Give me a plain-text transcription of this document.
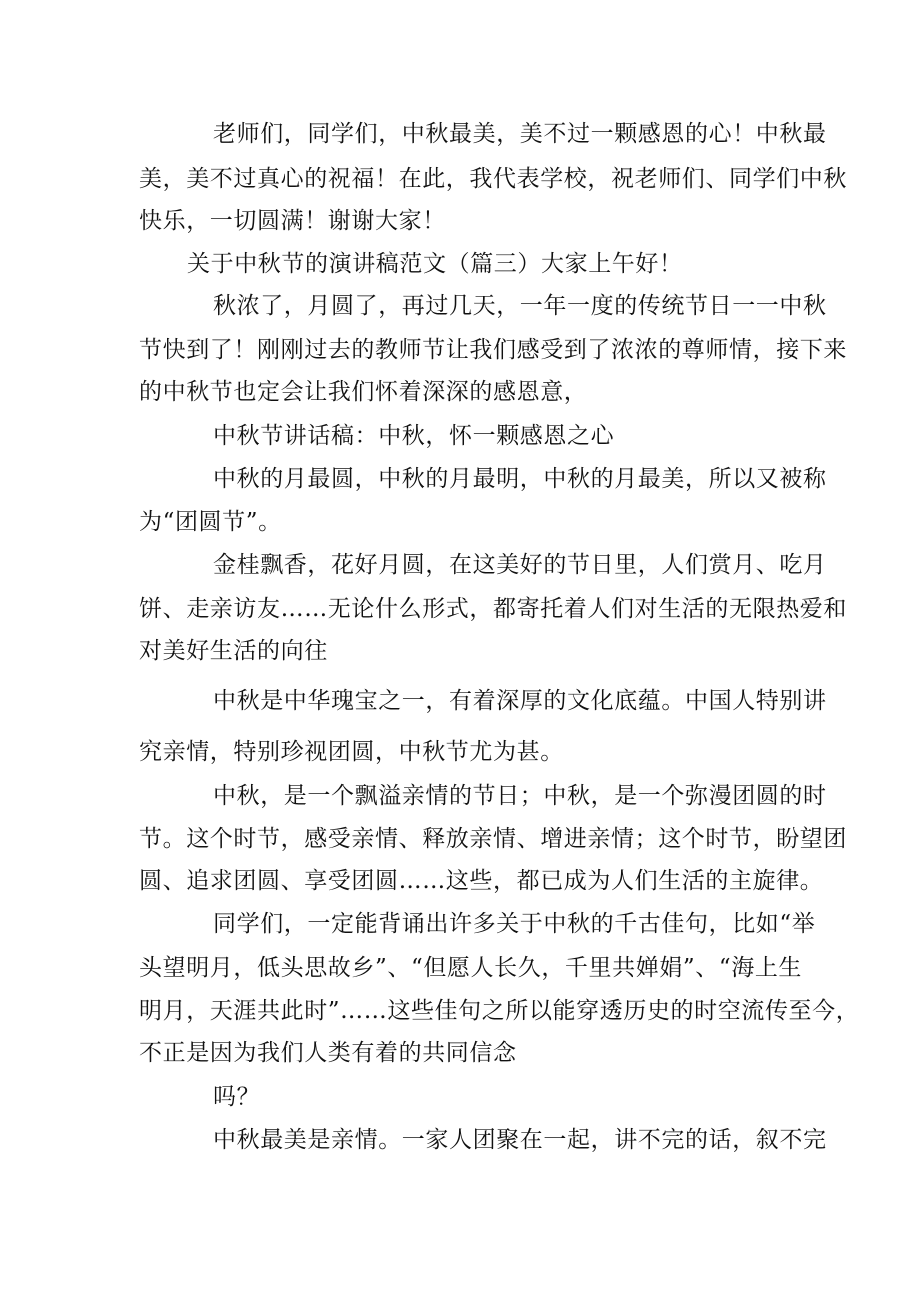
老师们，同学们，中秋最美，美不过一颗感恩的心！中秋最
美，美不过真心的祝福！在此，我代表学校，祝老师们、同学们中秋
快乐，一切圆满！谢谢大家！
关于中秋节的演讲稿范文（篇三）大家上午好！
秋浓了，月圆了，再过几天，一年一度的传统节日一一中秋
节快到了！刚刚过去的教师节让我们感受到了浓浓的尊师情，接下来
的中秋节也定会让我们怀着深深的感恩意，
中秋节讲话稿：中秋，怀一颗感恩之心
中秋的月最圆，中秋的月最明，中秋的月最美，所以又被称
为“团圆节”。
金桂飘香，花好月圆，在这美好的节日里，人们赏月、吃月
饼、走亲访友……无论什么形式，都寄托着人们对生活的无限热爱和
对美好生活的向往
中秋是中华瑰宝之一，有着深厚的文化底蕴。中国人特别讲
究亲情，特别珍视团圆，中秋节尤为甚。
中秋，是一个飘溢亲情的节日；中秋，是一个弥漫团圆的时
节。这个时节，感受亲情、释放亲情、增进亲情；这个时节，盼望团
圆、追求团圆、享受团圆……这些，都已成为人们生活的主旋律。
同学们，一定能背诵出许多关于中秋的千古佳句，比如“举
头望明月，低头思故乡”、“但愿人长久，千里共婵娟”、“海上生
明月，天涯共此时”……这些佳句之所以能穿透历史的时空流传至今，
不正是因为我们人类有着的共同信念
吗？
中秋最美是亲情。一家人团聚在一起，讲不完的话，叙不完
